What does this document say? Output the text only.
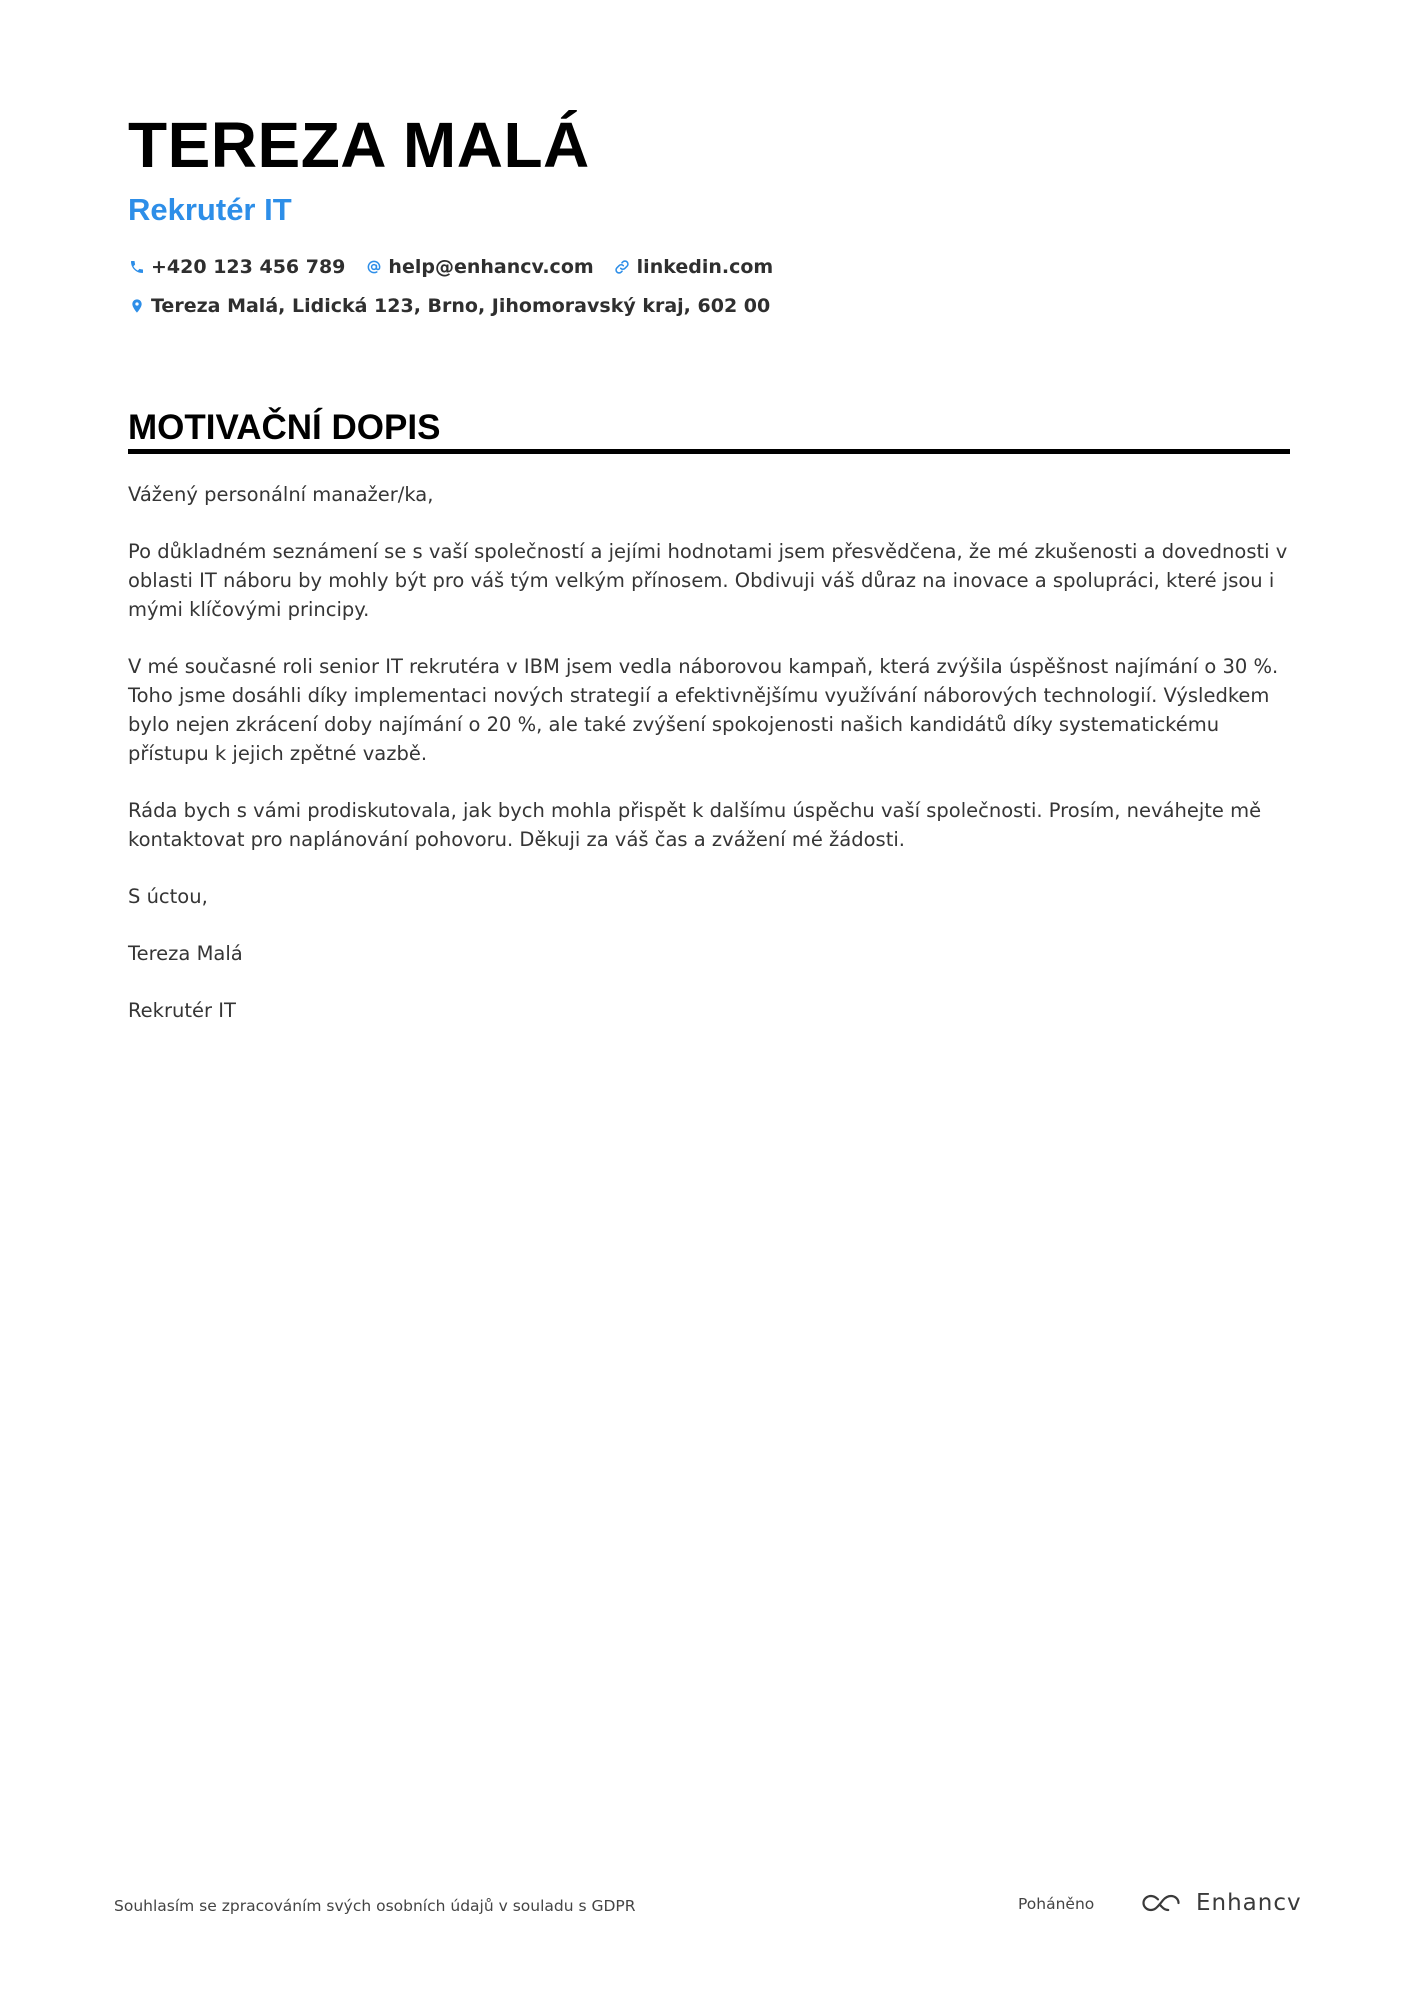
TEREZA MALÁ
Rekrutér IT
+420 123 456 789 help@enhancv.com linkedin.com
Tereza Malá, Lidická 123, Brno, Jihomoravský kraj, 602 00
MOTIVAČNÍ DOPIS

Vážený personální manažer/ka,

Po důkladném seznámení se s vaší společností a jejími hodnotami jsem přesvědčena, že mé zkušenosti a dovednosti v oblasti IT náboru by mohly být pro váš tým velkým přínosem. Obdivuji váš důraz na inovace a spolupráci, které jsou i mými klíčovými principy.

V mé současné roli senior IT rekrutéra v IBM jsem vedla náborovou kampaň, která zvýšila úspěšnost najímání o 30 %. Toho jsme dosáhli díky implementaci nových strategií a efektivnějšímu využívání náborových technologií. Výsledkem bylo nejen zkrácení doby najímání o 20 %, ale také zvýšení spokojenosti našich kandidátů díky systematickému přístupu k jejich zpětné vazbě.

Ráda bych s vámi prodiskutovala, jak bych mohla přispět k dalšímu úspěchu vaší společnosti. Prosím, neváhejte mě kontaktovat pro naplánování pohovoru. Děkuji za váš čas a zvážení mé žádosti.

S úctou,

Tereza Malá

Rekrutér IT

Souhlasím se zpracováním svých osobních údajů v souladu s GDPR	Poháněno	Enhancv
